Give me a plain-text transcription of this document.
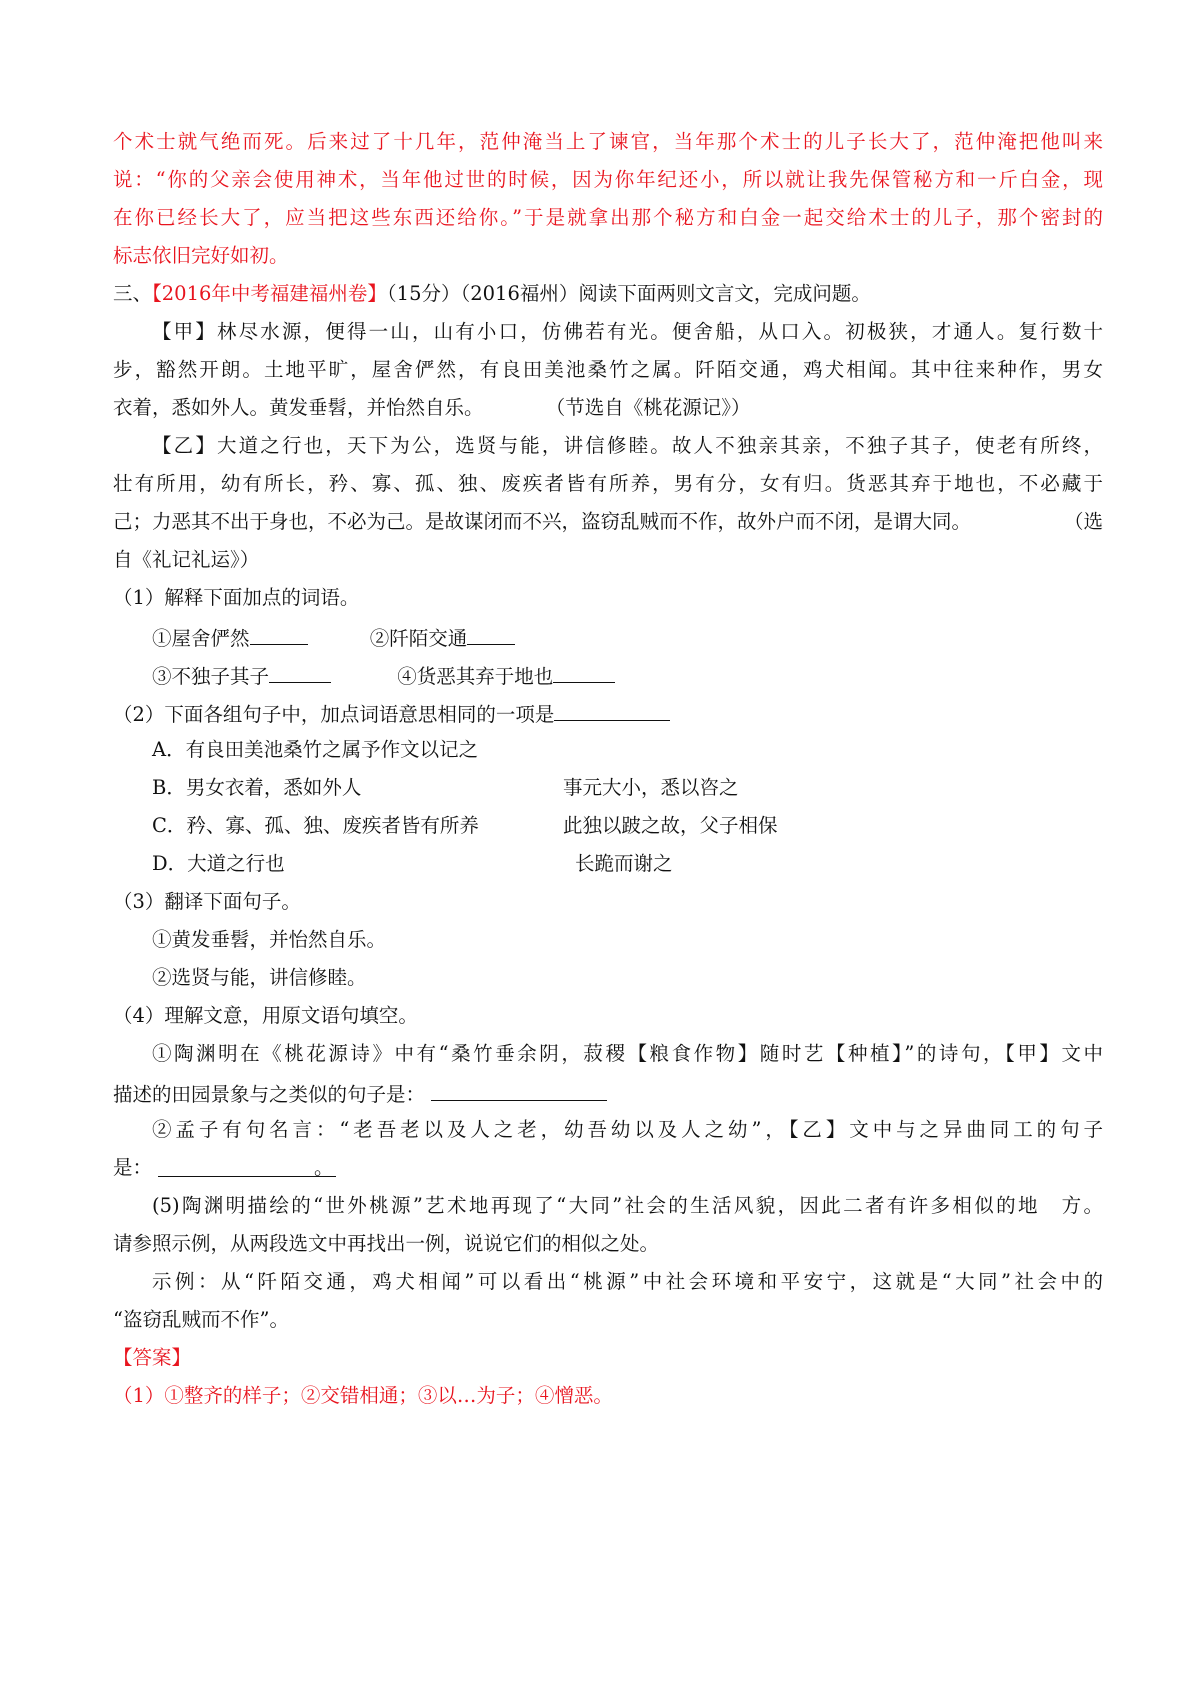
个术士就气绝而死。后来过了十几年，范仲淹当上了谏官，当年那个术士的儿子长大了，范仲淹把他叫来
说：“你的父亲会使用神术，当年他过世的时候，因为你年纪还小，所以就让我先保管秘方和一斤白金，现
在你已经长大了，应当把这些东西还给你。”于是就拿出那个秘方和白金一起交给术士的儿子，那个密封的
标志依旧完好如初。
三、【2016年中考福建福州卷】（15分）（2016福州）阅读下面两则文言文，完成问题。
【甲】林尽水源，便得一山，山有小口，仿佛若有光。便舍船，从口入。初极狭，才通人。复行数十
步，豁然开朗。土地平旷，屋舍俨然，有良田美池桑竹之属。阡陌交通，鸡犬相闻。其中往来种作，男女
衣着，悉如外人。黄发垂髫，并怡然自乐。	（节选自《桃花源记》）
【乙】大道之行也，天下为公，选贤与能，讲信修睦。故人不独亲其亲，不独子其子，使老有所终，
壮有所用，幼有所长，矜、寡、孤、独、废疾者皆有所养，男有分，女有归。货恶其弃于地也，不必藏于
己；力恶其不出于身也，不必为己。是故谋闭而不兴，盗窃乱贼而不作，故外户而不闭，是谓大同。	（选
自《礼记礼运》）
（1）解释下面加点的词语。
①屋舍俨然	②阡陌交通
③不独子其子	④货恶其弃于地也
（2）下面各组句子中，加点词语意思相同的一项是
A．有良田美池桑竹之属予作文以记之
B．男女衣着，悉如外人	事元大小，悉以咨之
C．矜、寡、孤、独、废疾者皆有所养	此独以跛之故，父子相保
D．大道之行也	长跪而谢之
（3）翻译下面句子。
①黄发垂髫，并怡然自乐。
②选贤与能，讲信修睦。
（4）理解文意，用原文语句填空。
①陶渊明在《桃花源诗》中有“桑竹垂余阴，菽稷【粮食作物】随时艺【种植】”的诗句，【甲】文中
描述的田园景象与之类似的句子是：
②孟子有句名言：“老吾老以及人之老，幼吾幼以及人之幼”，【乙】文中与之异曲同工的句子
是：	。
(5)陶渊明描绘的“世外桃源”艺术地再现了“大同”社会的生活风貌，因此二者有许多相似的地　方。
请参照示例，从两段选文中再找出一例，说说它们的相似之处。
示例：从“阡陌交通，鸡犬相闻”可以看出“桃源”中社会环境和平安宁，这就是“大同”社会中的
“盗窃乱贼而不作”。
【答案】
（1）①整齐的样子；②交错相通；③以…为子；④憎恶。
